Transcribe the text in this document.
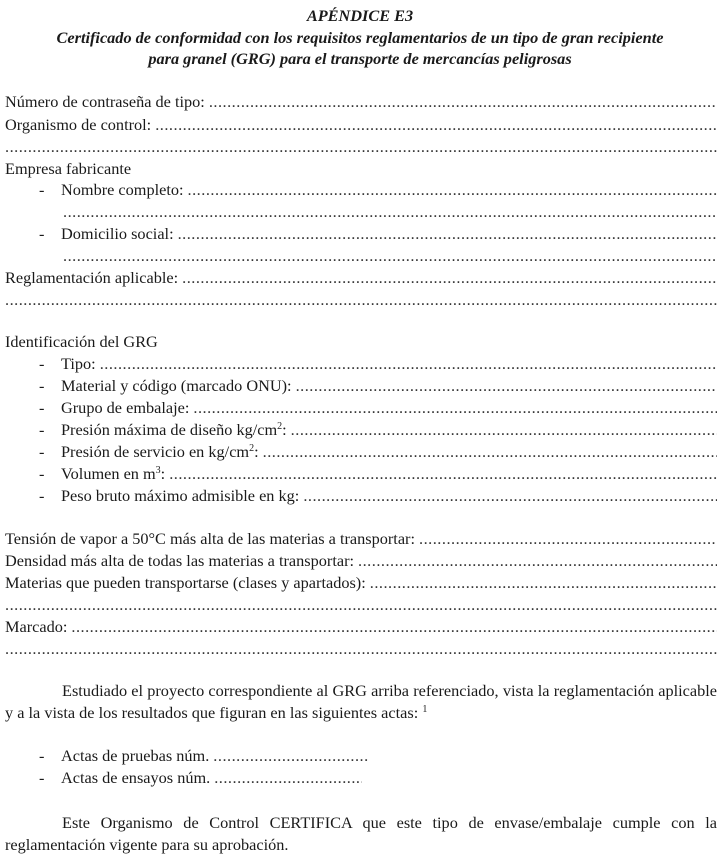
APÉNDICE E3
Certificado de conformidad con los requisitos reglamentarios de un tipo de gran recipiente
para granel (GRG) para el transporte de mercancías peligrosas
Número de contraseña de tipo:
.....
Organismo de control:
.....
.....
Empresa fabricante
-	Nombre completo:
.....
.....
-	Domicilio social:
.....
.....
Reglamentación aplicable:
.....
.....
Identificación del GRG
-	Tipo:
.....
-	Material y código (marcado ONU):
.....
-	Grupo de embalaje:
.....
-	Presión máxima de diseño $kg/cm^2$:
.....
-	Presión de servicio en $kg/cm^2$:
.....
-	Volumen en $m^3$:
.....
-	Peso bruto máximo admisible en kg:
.....
Tensión de vapor a 50°C más alta de las materias a transportar:
.....
Densidad más alta de todas las materias a transportar:
.....
Materias que pueden transportarse (clases y apartados):
.....
.....
Marcado:
.....
.....
Estudiado el proyecto correspondiente al GRG arriba referenciado, vista la reglamentación aplicable y a la vista de los resultados que figuran en las siguientes actas: $^1$
-	Actas de pruebas núm.
.....
-	Actas de ensayos núm.
.....
Este Organismo de Control CERTIFICA que este tipo de envase/embalaje cumple con la reglamentación vigente para su aprobación.
